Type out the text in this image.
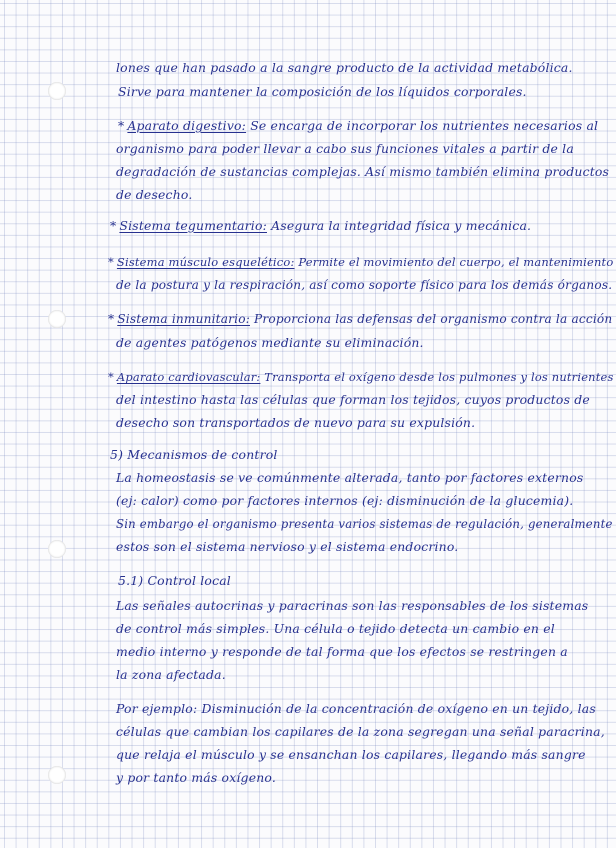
lones que han pasado a la sangre producto de la actividad metabólica.
Sirve para mantener la composición de los líquidos corporales.
* Aparato digestivo: Se encarga de incorporar los nutrientes necesarios al
organismo para poder llevar a cabo sus funciones vitales a partir de la
degradación de sustancias complejas. Así mismo también elimina productos
de desecho.
* Sistema tegumentario: Asegura la integridad física y mecánica.
* Sistema músculo esquelético: Permite el movimiento del cuerpo, el mantenimiento
de la postura y la respiración, así como soporte físico para los demás órganos.
* Sistema inmunitario: Proporciona las defensas del organismo contra la acción
de agentes patógenos mediante su eliminación.
* Aparato cardiovascular: Transporta el oxígeno desde los pulmones y los nutrientes
del intestino hasta las células que forman los tejidos, cuyos productos de
desecho son transportados de nuevo para su expulsión.
5) Mecanismos de control
La homeostasis se ve comúnmente alterada, tanto por factores externos
(ej: calor) como por factores internos (ej: disminución de la glucemia).
Sin embargo el organismo presenta varios sistemas de regulación, generalmente
estos son el sistema nervioso y el sistema endocrino.
5.1) Control local
Las señales autocrinas y paracrinas son las responsables de los sistemas
de control más simples. Una célula o tejido detecta un cambio en el
medio interno y responde de tal forma que los efectos se restringen a
la zona afectada.
Por ejemplo: Disminución de la concentración de oxígeno en un tejido, las
células que cambian los capilares de la zona segregan una señal paracrina,
que relaja el músculo y se ensanchan los capilares, llegando más sangre
y por tanto más oxígeno.
